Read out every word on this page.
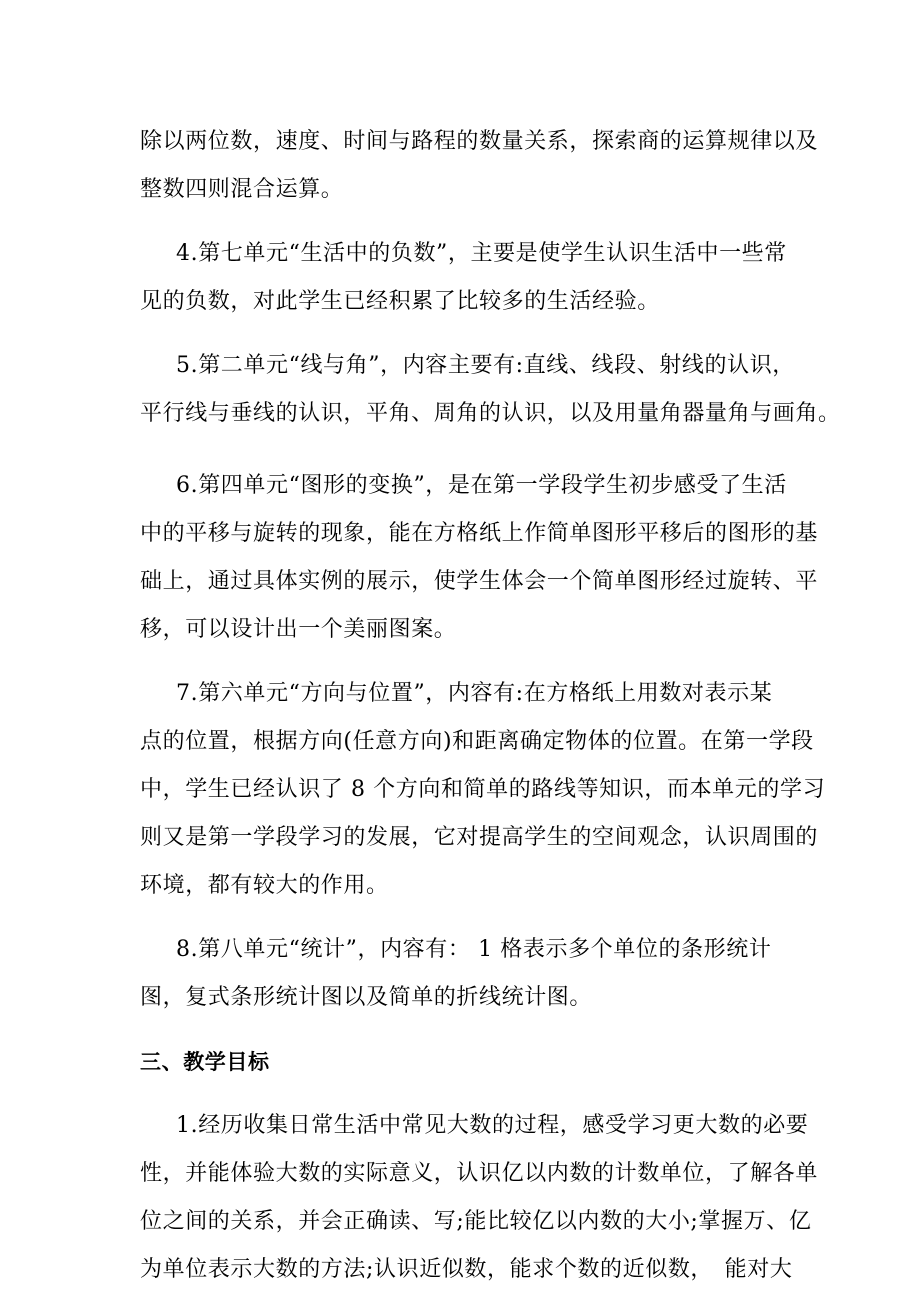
除以两位数，速度、时间与路程的数量关系，探索商的运算规律以及
整数四则混合运算。
4.第七单元“生活中的负数”，主要是使学生认识生活中一些常
见的负数，对此学生已经积累了比较多的生活经验。
5.第二单元“线与角”，内容主要有:直线、线段、射线的认识，
平行线与垂线的认识，平角、周角的认识，以及用量角器量角与画角。
6.第四单元“图形的变换”，是在第一学段学生初步感受了生活
中的平移与旋转的现象，能在方格纸上作简单图形平移后的图形的基
础上，通过具体实例的展示，使学生体会一个简单图形经过旋转、平
移，可以设计出一个美丽图案。
7.第六单元“方向与位置”，内容有:在方格纸上用数对表示某
点的位置，根据方向(任意方向)和距离确定物体的位置。在第一学段
中，学生已经认识了 8 个方向和简单的路线等知识，而本单元的学习
则又是第一学段学习的发展，它对提高学生的空间观念，认识周围的
环境，都有较大的作用。
8.第八单元“统计”，内容有： 1 格表示多个单位的条形统计
图，复式条形统计图以及简单的折线统计图。
三、教学目标
1.经历收集日常生活中常见大数的过程，感受学习更大数的必要
性，并能体验大数的实际意义，认识亿以内数的计数单位，了解各单
位之间的关系，并会正确读、写;能比较亿以内数的大小;掌握万、亿
为单位表示大数的方法;认识近似数，能求个数的近似数，　能对大
